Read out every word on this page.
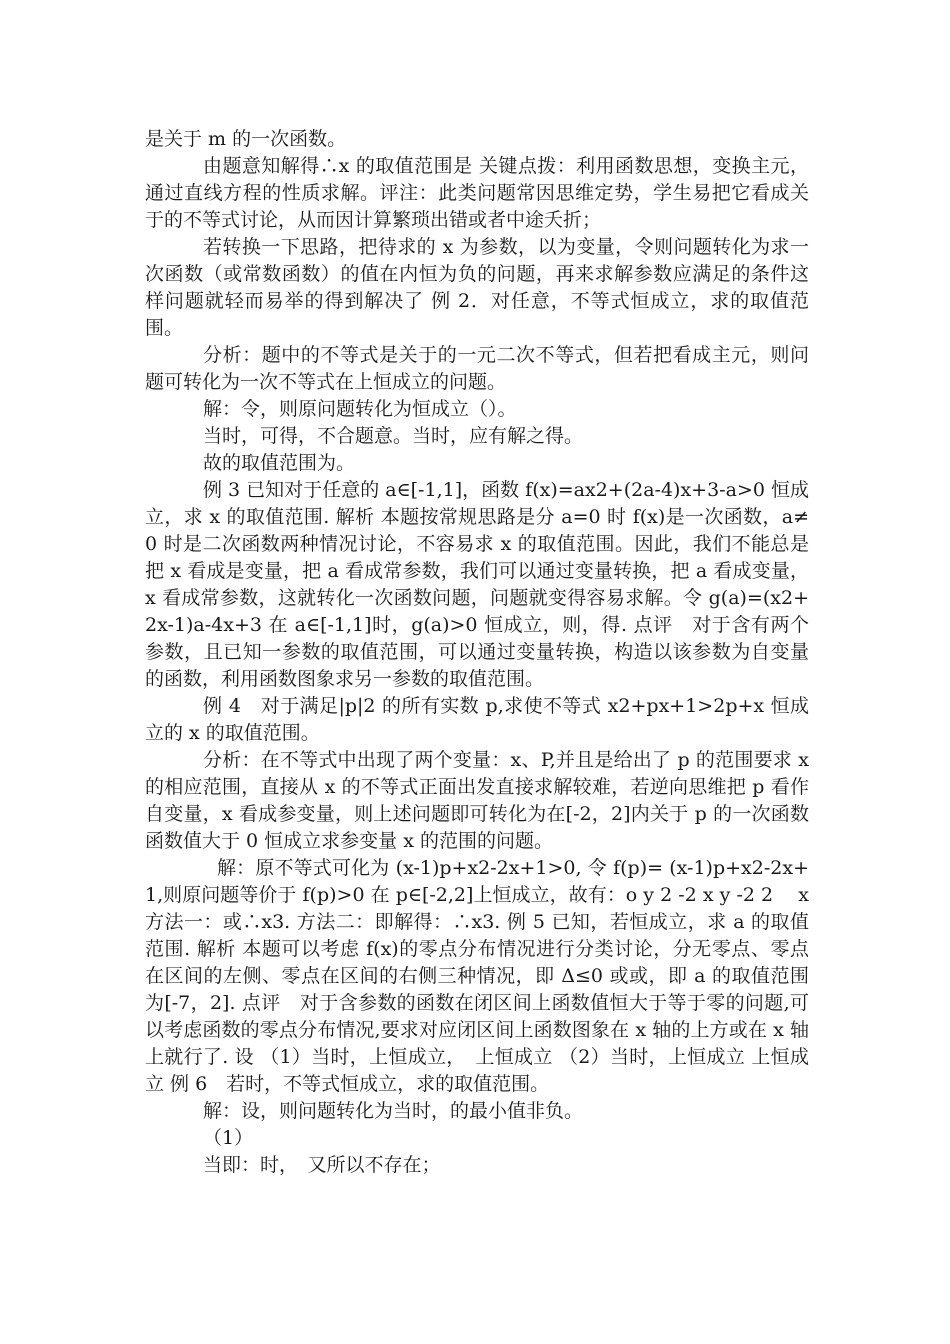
是关于 m 的一次函数。

由题意知解得∴x 的取值范围是 关键点拨：利用函数思想，变换主元，通过直线方程的性质求解。评注：此类问题常因思维定势，学生易把它看成关于的不等式讨论，从而因计算繁琐出错或者中途夭折；

若转换一下思路，把待求的 x 为参数，以为变量，令则问题转化为求一次函数（或常数函数）的值在内恒为负的问题，再来求解参数应满足的条件这样问题就轻而易举的得到解决了 例 2．对任意，不等式恒成立，求的取值范围。

分析：题中的不等式是关于的一元二次不等式，但若把看成主元，则问题可转化为一次不等式在上恒成立的问题。

解：令，则原问题转化为恒成立（）。

当时，可得，不合题意。当时，应有解之得。

故的取值范围为。

例 3 已知对于任意的 a∈[-1,1]，函数 f(x)=ax2+(2a-4)x+3-a>0 恒成立，求 x 的取值范围. 解析 本题按常规思路是分 a=0 时 f(x)是一次函数，a≠0 时是二次函数两种情况讨论，不容易求 x 的取值范围。因此，我们不能总是把 x 看成是变量，把 a 看成常参数，我们可以通过变量转换，把 a 看成变量，x 看成常参数，这就转化一次函数问题，问题就变得容易求解。令 g(a)=(x2+2x-1)a-4x+3 在 a∈[-1,1]时，g(a)>0 恒成立，则，得. 点评　对于含有两个参数，且已知一参数的取值范围，可以通过变量转换，构造以该参数为自变量的函数，利用函数图象求另一参数的取值范围。

例 4　对于满足|p|2 的所有实数 p,求使不等式 x2+px+1>2p+x 恒成立的 x 的取值范围。

分析：在不等式中出现了两个变量：x、P,并且是给出了 p 的范围要求 x 的相应范围，直接从 x 的不等式正面出发直接求解较难，若逆向思维把 p 看作自变量，x 看成参变量，则上述问题即可转化为在[-2，2]内关于 p 的一次函数函数值大于 0 恒成立求参变量 x 的范围的问题。

解：原不等式可化为 (x-1)p+x2-2x+1>0, 令 f(p)= (x-1)p+x2-2x+1,则原问题等价于 f(p)>0 在 p∈[-2,2]上恒成立，故有：o y 2 -2 x y -2 2　 x　方法一：或∴x3. 方法二：即解得：∴x3. 例 5 已知，若恒成立，求 a 的取值范围. 解析 本题可以考虑 f(x)的零点分布情况进行分类讨论，分无零点、零点在区间的左侧、零点在区间的右侧三种情况，即 Δ≤0 或或，即 a 的取值范围为[-7，2]. 点评　对于含参数的函数在闭区间上函数值恒大于等于零的问题,可以考虑函数的零点分布情况,要求对应闭区间上函数图象在 x 轴的上方或在 x 轴上就行了. 设 （1）当时，上恒成立，　上恒成立 （2）当时，上恒成立 上恒成立 例 6　若时，不等式恒成立，求的取值范围。

解：设，则问题转化为当时，的最小值非负。

（1）

当即：时，　又所以不存在；
